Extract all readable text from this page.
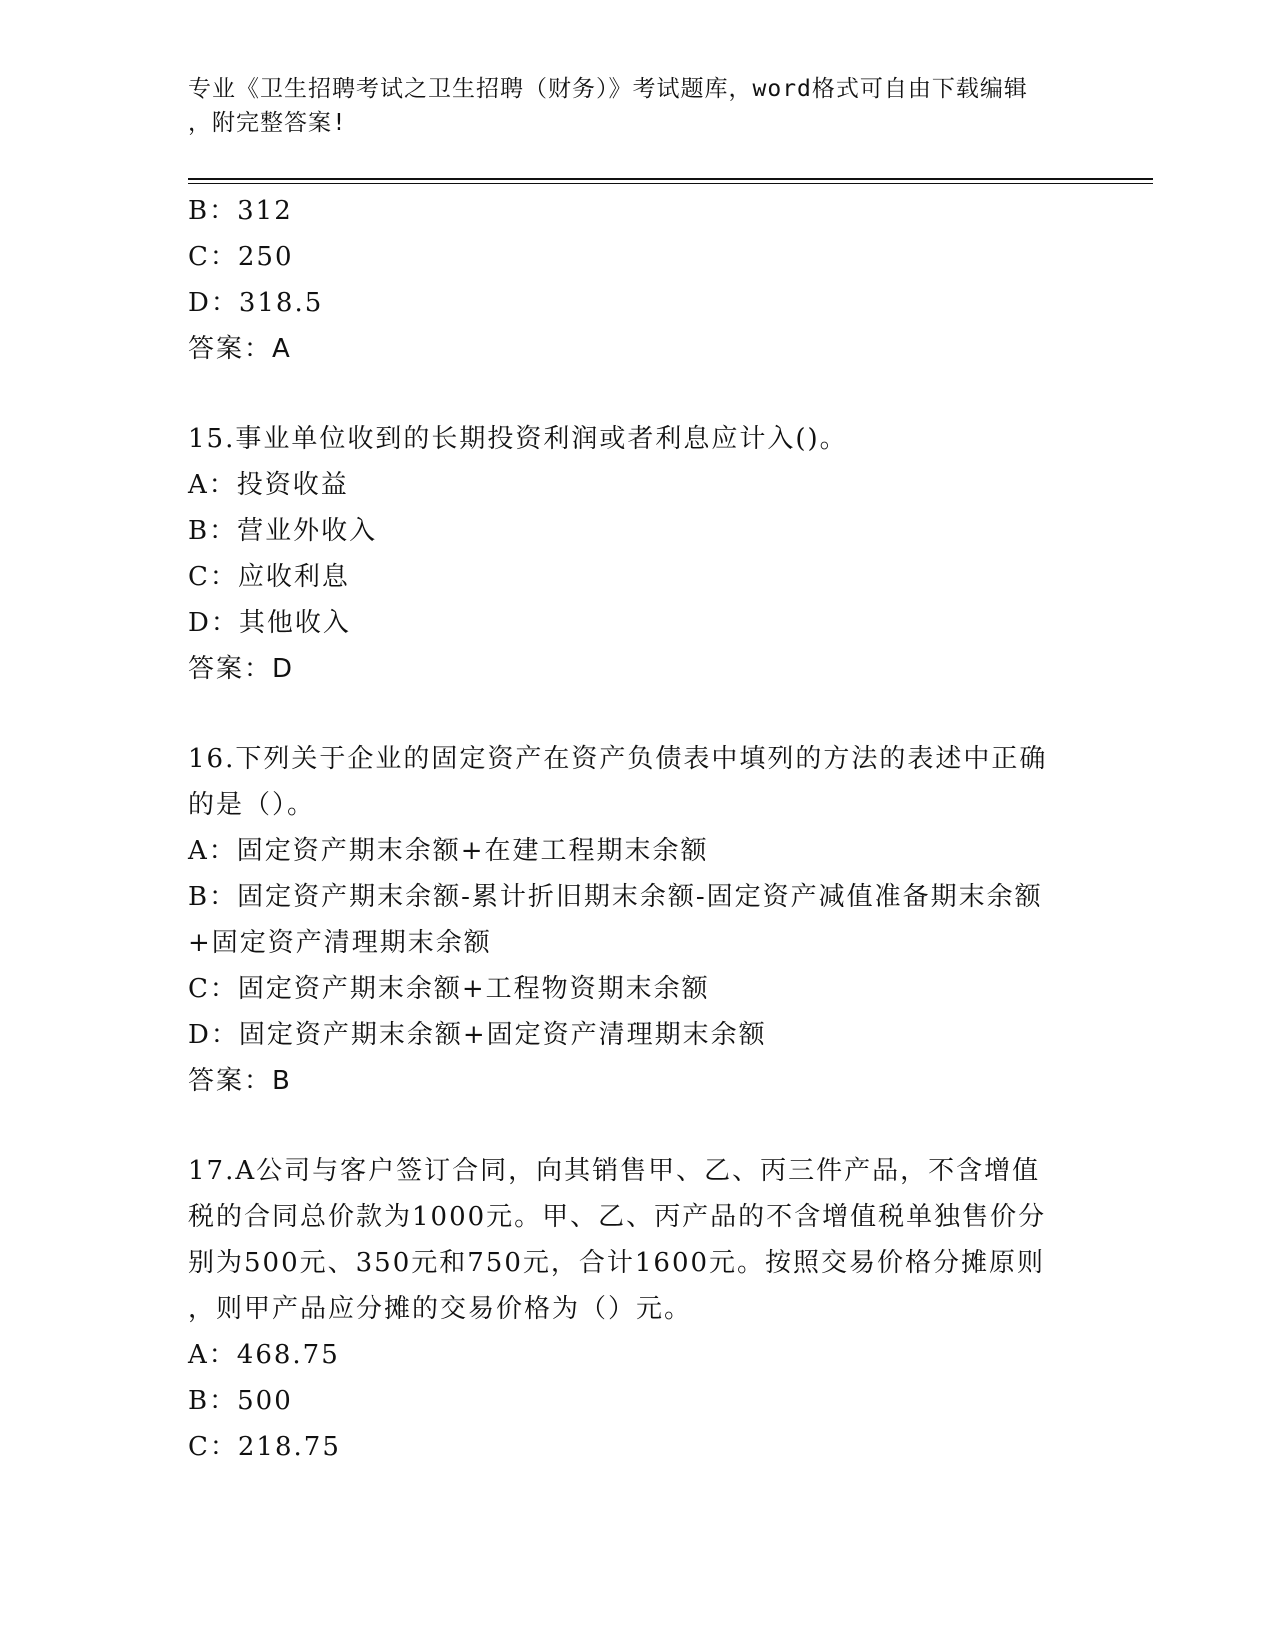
专业《卫生招聘考试之卫生招聘（财务）》考试题库，word格式可自由下载编辑
，附完整答案!
B：312
C：250
D：318.5
答案：A
15.事业单位收到的长期投资利润或者利息应计入()。
A：投资收益
B：营业外收入
C：应收利息
D：其他收入
答案：D
16.下列关于企业的固定资产在资产负债表中填列的方法的表述中正确
的是（）。
A：固定资产期末余额+在建工程期末余额
B：固定资产期末余额-累计折旧期末余额-固定资产减值准备期末余额
+固定资产清理期末余额
C：固定资产期末余额+工程物资期末余额
D：固定资产期末余额+固定资产清理期末余额
答案：B
17.A公司与客户签订合同，向其销售甲、乙、丙三件产品，不含增值
税的合同总价款为1000元。甲、乙、丙产品的不含增值税单独售价分
别为500元、350元和750元，合计1600元。按照交易价格分摊原则
，则甲产品应分摊的交易价格为（）元。
A：468.75
B：500
C：218.75
